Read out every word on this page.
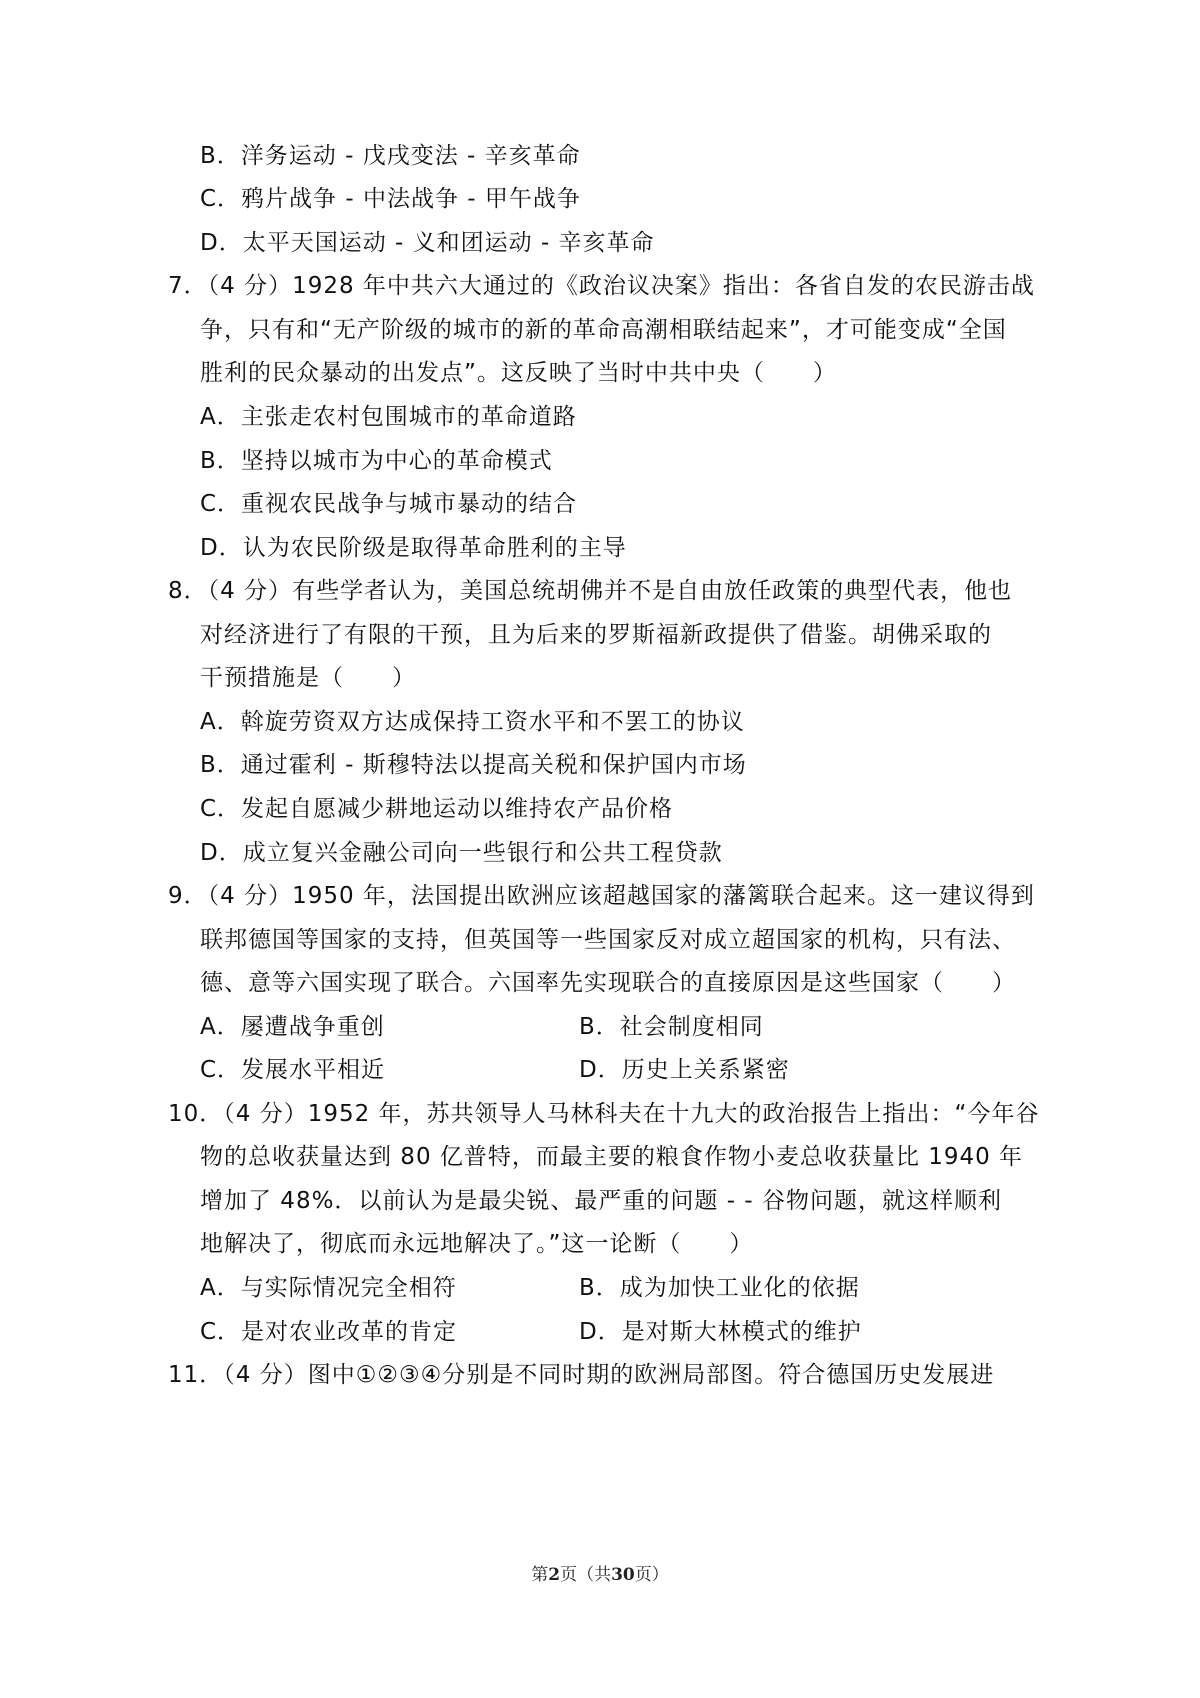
B．洋务运动 - 戊戌变法 - 辛亥革命
C．鸦片战争 - 中法战争 - 甲午战争
D．太平天国运动 - 义和团运动 - 辛亥革命
7．（4 分）1928 年中共六大通过的《政治议决案》指出：各省自发的农民游击战
争，只有和“无产阶级的城市的新的革命高潮相联结起来”，才可能变成“全国
胜利的民众暴动的出发点”。这反映了当时中共中央（　　）
A．主张走农村包围城市的革命道路
B．坚持以城市为中心的革命模式
C．重视农民战争与城市暴动的结合
D．认为农民阶级是取得革命胜利的主导
8．（4 分）有些学者认为，美国总统胡佛并不是自由放任政策的典型代表，他也
对经济进行了有限的干预，且为后来的罗斯福新政提供了借鉴。胡佛采取的
干预措施是（　　）
A．斡旋劳资双方达成保持工资水平和不罢工的协议
B．通过霍利 - 斯穆特法以提高关税和保护国内市场
C．发起自愿减少耕地运动以维持农产品价格
D．成立复兴金融公司向一些银行和公共工程贷款
9．（4 分）1950 年，法国提出欧洲应该超越国家的藩篱联合起来。这一建议得到
联邦德国等国家的支持，但英国等一些国家反对成立超国家的机构，只有法、
德、意等六国实现了联合。六国率先实现联合的直接原因是这些国家（　　）
A．屡遭战争重创	B．社会制度相同
C．发展水平相近	D．历史上关系紧密
10．（4 分）1952 年，苏共领导人马林科夫在十九大的政治报告上指出：“今年谷
物的总收获量达到 80 亿普特，而最主要的粮食作物小麦总收获量比 1940 年
增加了 48%．以前认为是最尖锐、最严重的问题 - - 谷物问题，就这样顺利
地解决了，彻底而永远地解决了。”这一论断（　　）
A．与实际情况完全相符	B．成为加快工业化的依据
C．是对农业改革的肯定	D．是对斯大林模式的维护
11．（4 分）图中①②③④分别是不同时期的欧洲局部图。符合德国历史发展进
第2页（共30页）
